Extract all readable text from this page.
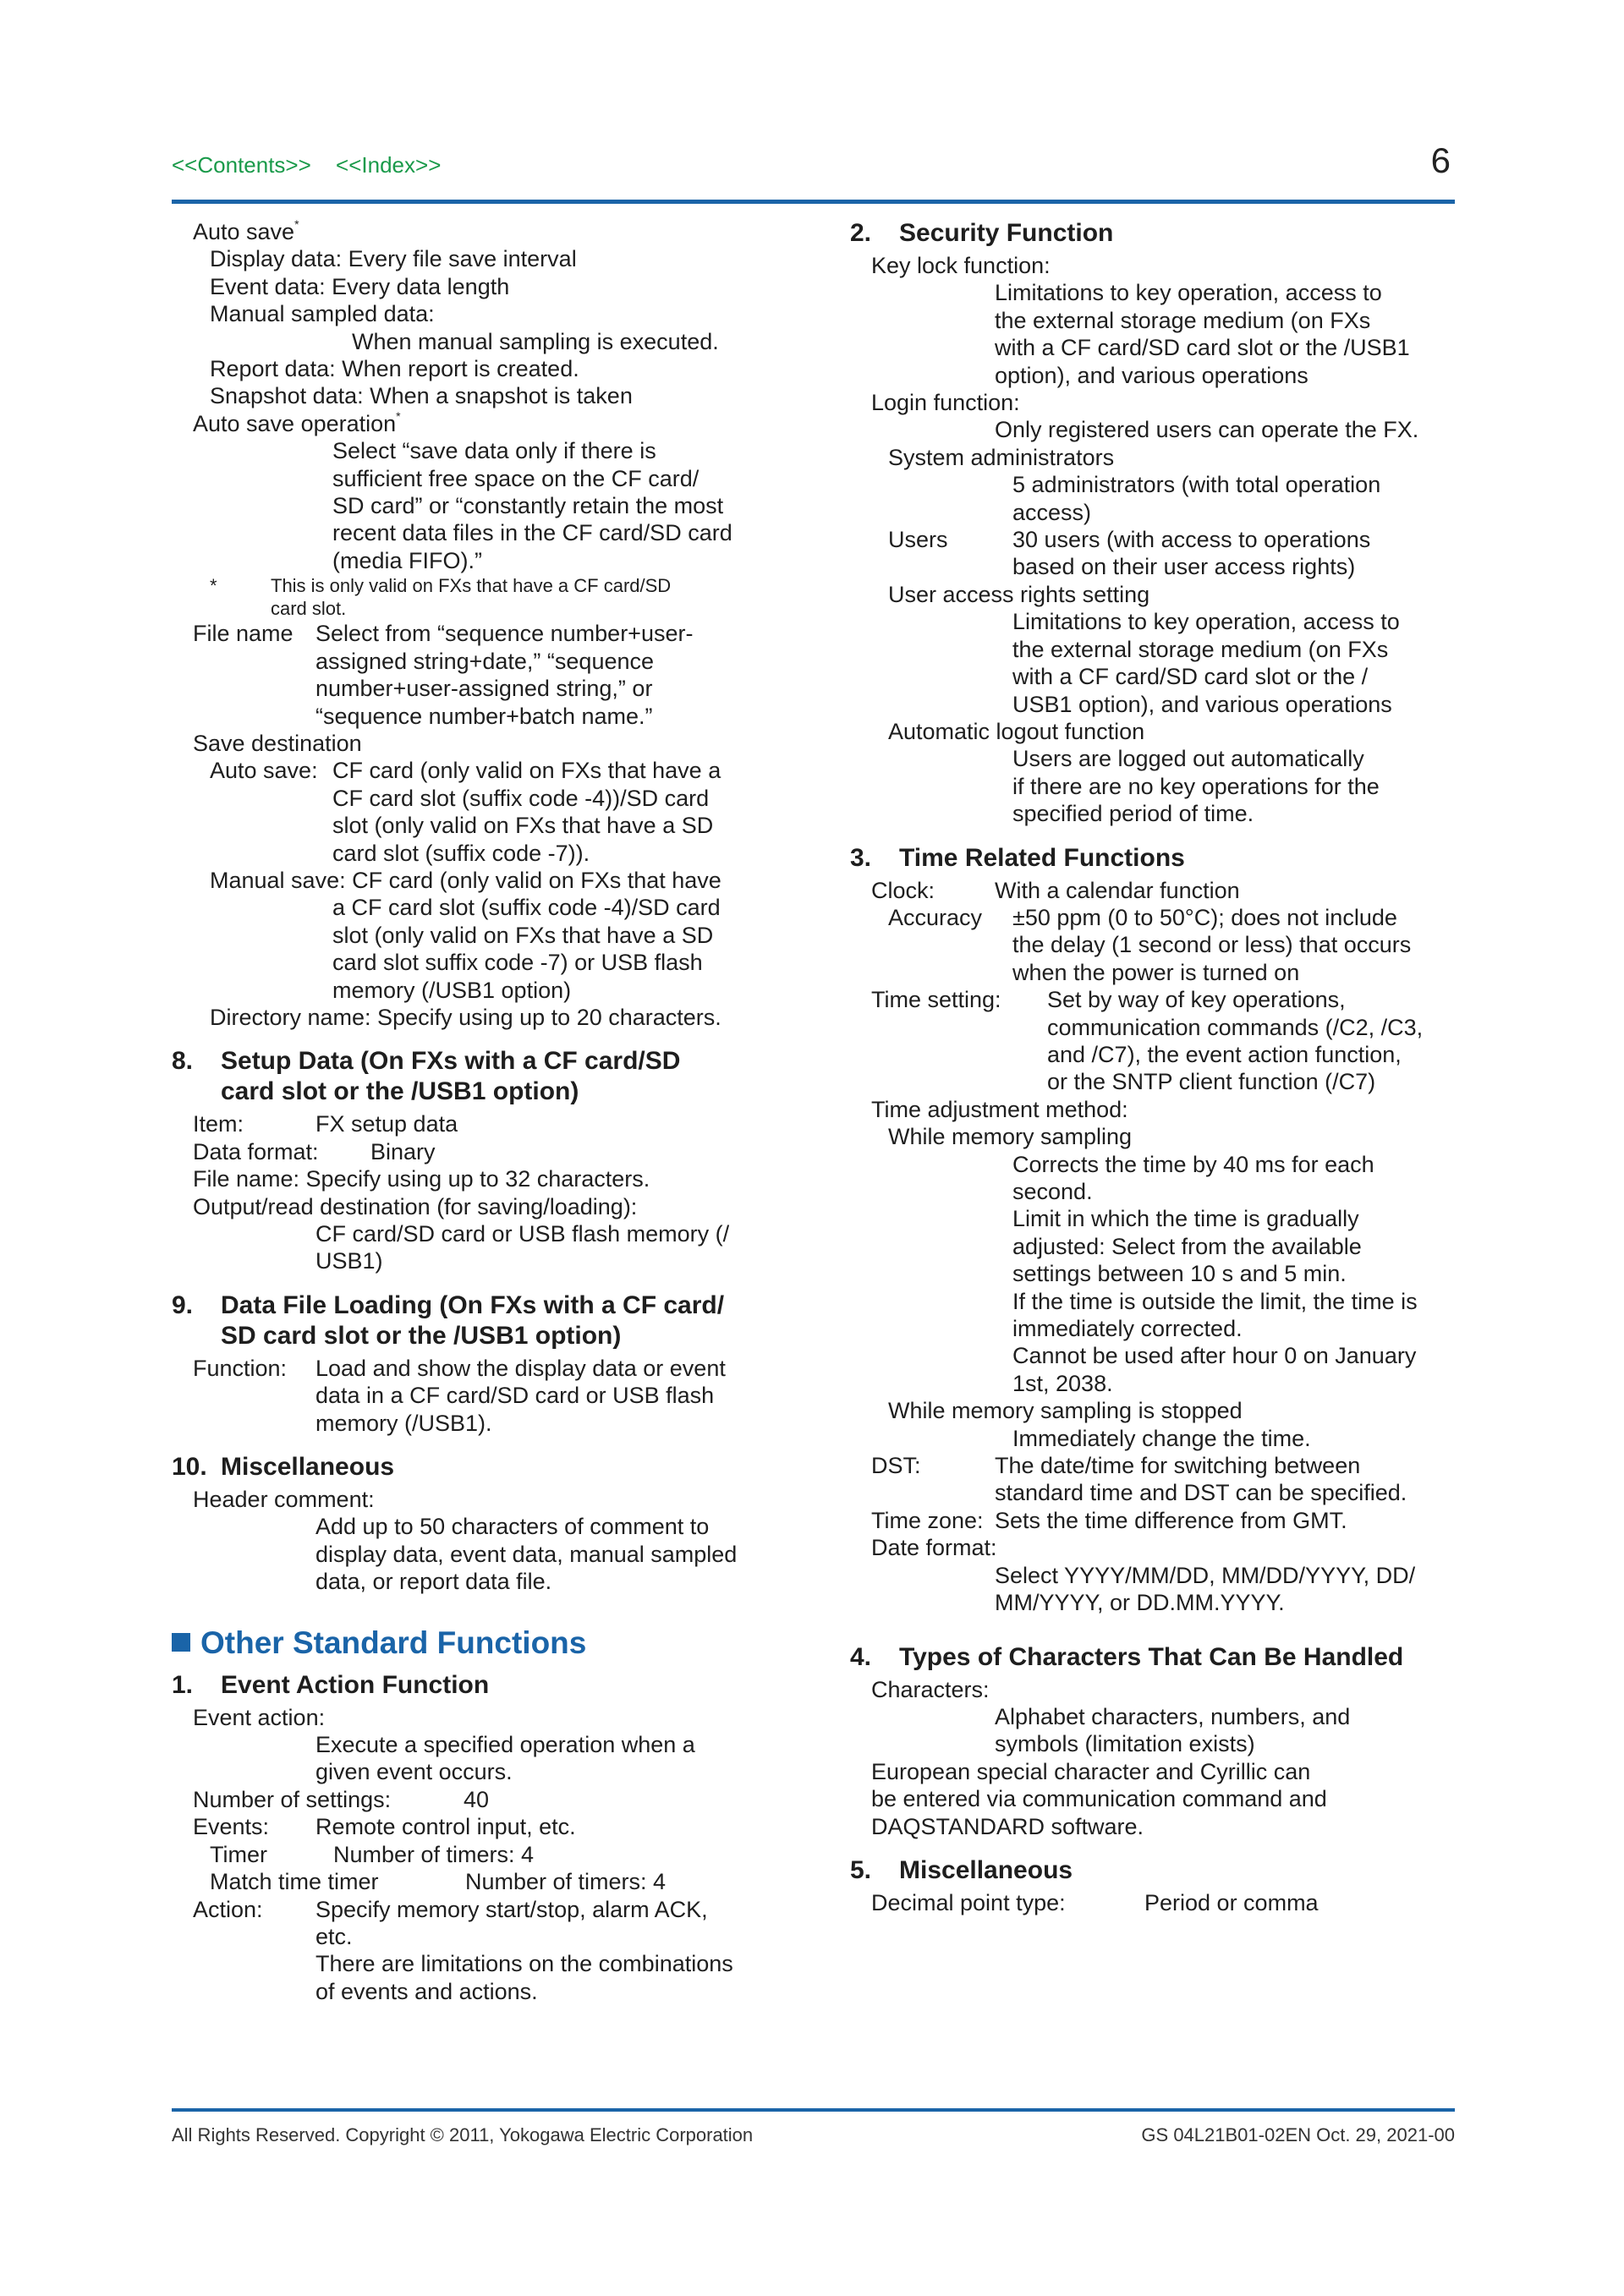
<<Contents>> <<Index>>	6
Auto save*
Display data: Every file save interval
Event data: Every data length
Manual sampled data:
When manual sampling is executed.
Report data: When report is created.
Snapshot data: When a snapshot is taken
Auto save operation*
Select “save data only if there is
sufficient free space on the CF card/
SD card” or “constantly retain the most
recent data files in the CF card/SD card
(media FIFO).”
*	This is only valid on FXs that have a CF card/SD
card slot.
File name Select from “sequence number+user-
assigned string+date,” “sequence
number+user-assigned string,” or
“sequence number+batch name.”
Save destination
Auto save: CF card (only valid on FXs that have a
CF card slot (suffix code -4))/SD card
slot (only valid on FXs that have a SD
card slot (suffix code -7)).
Manual save: CF card (only valid on FXs that have
a CF card slot (suffix code -4)/SD card
slot (only valid on FXs that have a SD
card slot suffix code -7) or USB flash
memory (/USB1 option)
Directory name: Specify using up to 20 characters.
8. Setup Data (On FXs with a CF card/SD
card slot or the /USB1 option)
Item:	FX setup data
Data format: Binary
File name: Specify using up to 32 characters.
Output/read destination (for saving/loading):
CF card/SD card or USB flash memory (/
USB1)
9. Data File Loading (On FXs with a CF card/
SD card slot or the /USB1 option)
Function: Load and show the display data or event
data in a CF card/SD card or USB flash
memory (/USB1).
10. Miscellaneous
Header comment:
Add up to 50 characters of comment to
display data, event data, manual sampled
data, or report data file.
Other Standard Functions
1. Event Action Function
Event action:
Execute a specified operation when a
given event occurs.
Number of settings:	40
Events: Remote control input, etc.
Timer	Number of timers: 4
Match time timer	Number of timers: 4
Action: Specify memory start/stop, alarm ACK,
etc.
There are limitations on the combinations
of events and actions.
2. Security Function
Key lock function:
Limitations to key operation, access to
the external storage medium (on FXs
with a CF card/SD card slot or the /USB1
option), and various operations
Login function:
Only registered users can operate the FX.
System administrators
5 administrators (with total operation
access)
Users	30 users (with access to operations
based on their user access rights)
User access rights setting
Limitations to key operation, access to
the external storage medium (on FXs
with a CF card/SD card slot or the /
USB1 option), and various operations
Automatic logout function
Users are logged out automatically
if there are no key operations for the
specified period of time.
3. Time Related Functions
Clock:	With a calendar function
Accuracy ±50 ppm (0 to 50°C); does not include
the delay (1 second or less) that occurs
when the power is turned on
Time setting: Set by way of key operations,
communication commands (/C2, /C3,
and /C7), the event action function,
or the SNTP client function (/C7)
Time adjustment method:
While memory sampling
Corrects the time by 40 ms for each
second.
Limit in which the time is gradually
adjusted: Select from the available
settings between 10 s and 5 min.
If the time is outside the limit, the time is
immediately corrected.
Cannot be used after hour 0 on January
1st, 2038.
While memory sampling is stopped
Immediately change the time.
DST:	The date/time for switching between
standard time and DST can be specified.
Time zone: Sets the time difference from GMT.
Date format:
Select YYYY/MM/DD, MM/DD/YYYY, DD/
MM/YYYY, or DD.MM.YYYY.
4. Types of Characters That Can Be Handled
Characters:
Alphabet characters, numbers, and
symbols (limitation exists)
European special character and Cyrillic can
be entered via communication command and
DAQSTANDARD software.
5. Miscellaneous
Decimal point type:	Period or comma
All Rights Reserved. Copyright © 2011, Yokogawa Electric Corporation	GS 04L21B01-02EN Oct. 29, 2021-00
